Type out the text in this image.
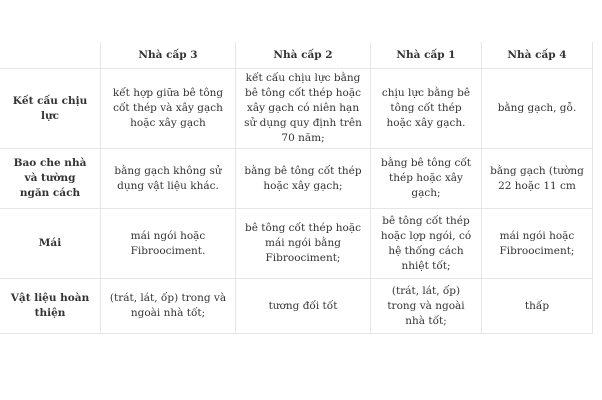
	Nhà cấp 3	Nhà cấp 2	Nhà cấp 1	Nhà cấp 4
Kết cấu chịu lực	kết hợp giữa bê tông cốt thép và xây gạch hoặc xây gạch	kết cấu chịu lực bằng bê tông cốt thép hoặc xây gạch có niên hạn sử dụng quy định trên 70 năm;	chịu lực bằng bê tông cốt thép hoặc xây gạch.	bằng gạch, gỗ.
Bao che nhà và tường ngăn cách	bằng gạch không sử dụng vật liệu khác.	bằng bê tông cốt thép hoặc xây gạch;	bằng bê tông cốt thép hoặc xây gạch;	bằng gạch (tường 22 hoặc 11 cm
Mái	mái ngói hoặc Fibroociment.	bê tông cốt thép hoặc mái ngói bằng Fibroociment;	bê tông cốt thép hoặc lợp ngói, có hệ thống cách nhiệt tốt;	mái ngói hoặc Fibroociment;
Vật liệu hoàn thiện	(trát, lát, ốp) trong và ngoài nhà tốt;	tương đối tốt	(trát, lát, ốp) trong và ngoài nhà tốt;	thấp
